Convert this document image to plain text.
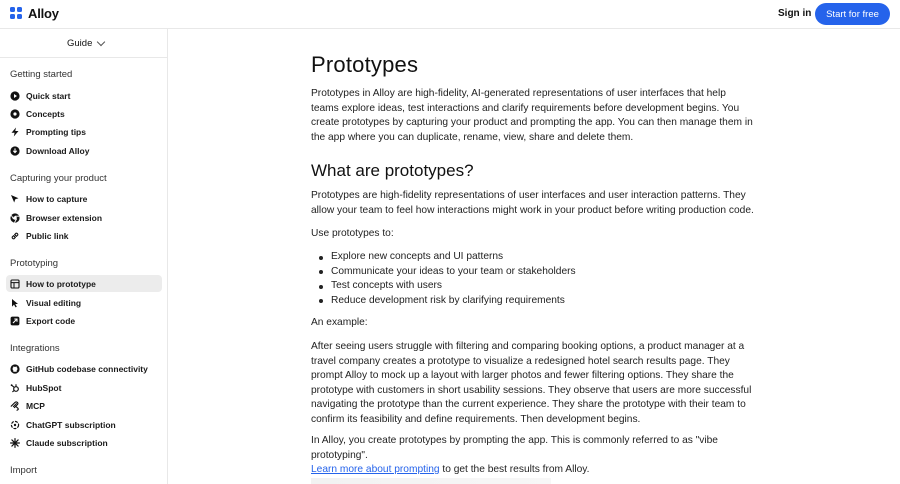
Alloy	Sign in	Start for free
Guide
Getting started
Quick start
Concepts
Prompting tips
Download Alloy
Capturing your product
How to capture
Browser extension
Public link
Prototyping
How to prototype
Visual editing
Export code
Integrations
GitHub codebase connectivity
HubSpot
MCP
ChatGPT subscription
Claude subscription
Import
Prototypes

Prototypes in Alloy are high-fidelity, AI-generated representations of user interfaces that help teams explore ideas, test interactions and clarify requirements before development begins. You create prototypes by capturing your product and prompting the app. You can then manage them in the app where you can duplicate, rename, view, share and delete them.

What are prototypes?

Prototypes are high-fidelity representations of user interfaces and user interaction patterns. They allow your team to feel how interactions might work in your product before writing production code.

Use prototypes to:

Explore new concepts and UI patterns
Communicate your ideas to your team or stakeholders
Test concepts with users
Reduce development risk by clarifying requirements

An example:

After seeing users struggle with filtering and comparing booking options, a product manager at a travel company creates a prototype to visualize a redesigned hotel search results page. They prompt Alloy to mock up a layout with larger photos and fewer filtering options. They share the prototype with customers in short usability sessions. They observe that users are more successful navigating the prototype than the current experience. They share the prototype with their team to confirm its feasibility and define requirements. Then development begins.

In Alloy, you create prototypes by prompting the app. This is commonly referred to as "vibe prototyping".
Learn more about prompting to get the best results from Alloy.
